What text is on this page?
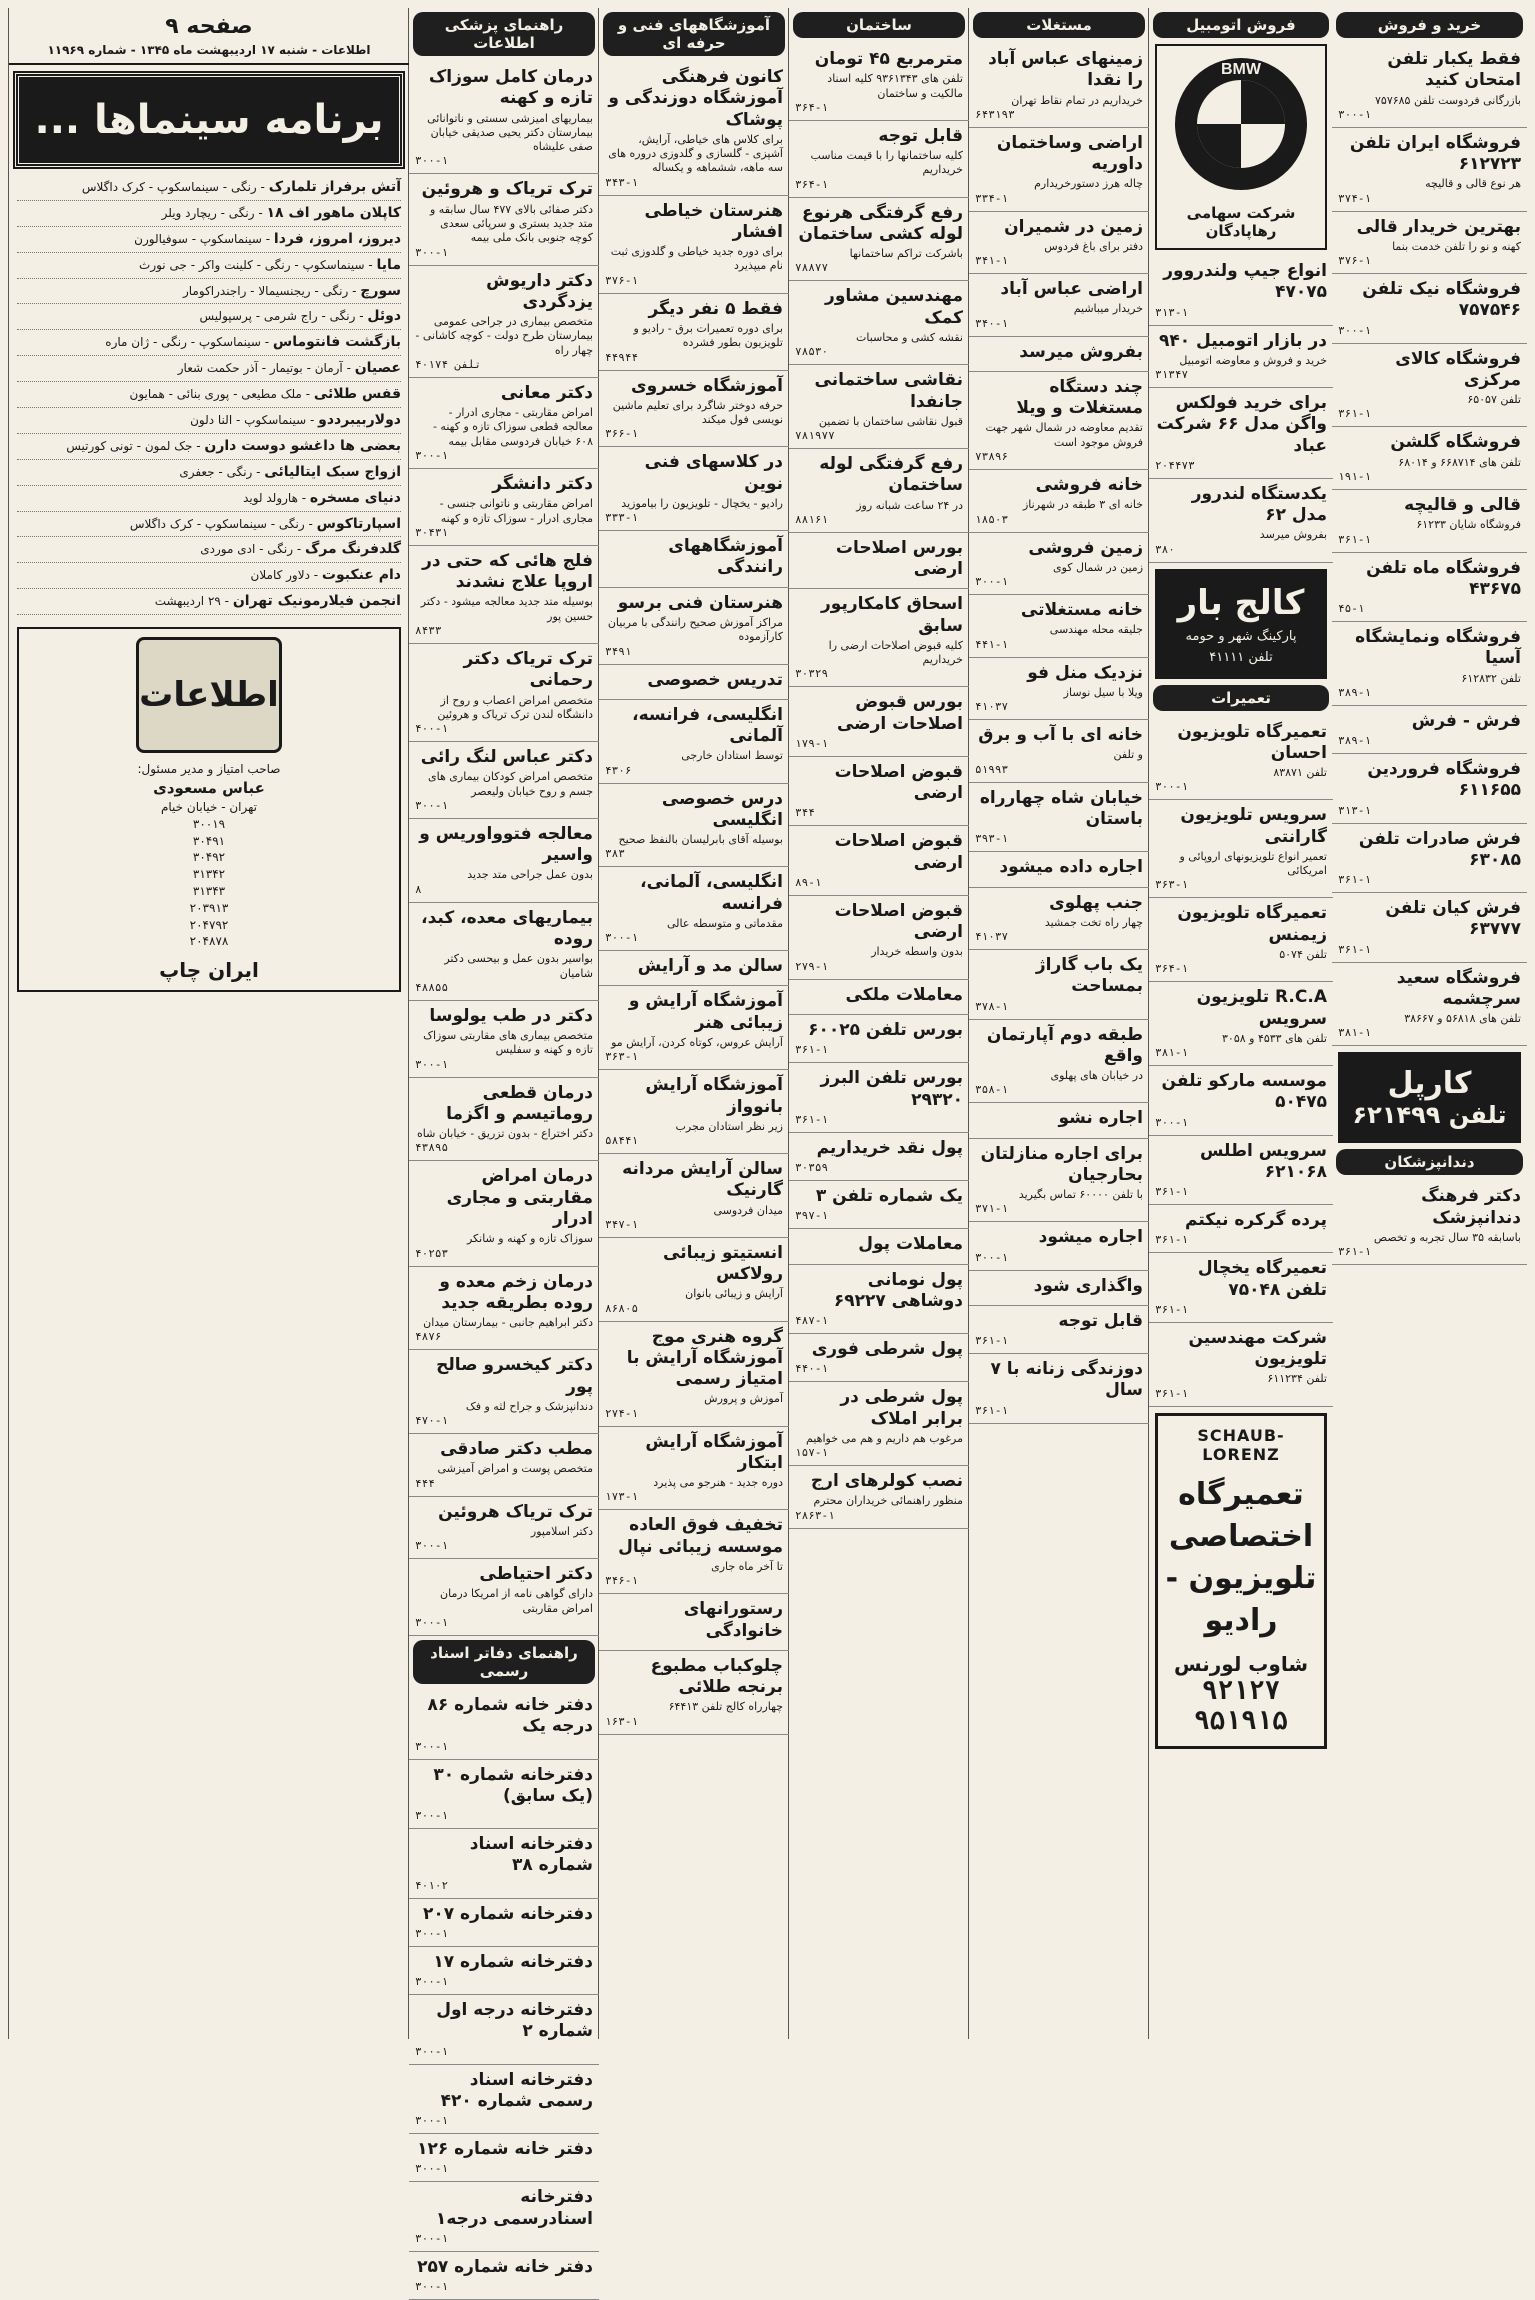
خرید و فروش
فقط یکبار تلفن امتحان کنید

بازرگانی فردوست تلفن ۷۵۷۶۸۵

۳۰۰-۱
فروشگاه ایران تلفن ۶۱۲۷۲۳

هر نوع قالی و قالیچه

۳۷۴-۱
بهترین خریدار قالی

کهنه و نو را تلفن خدمت بنما

۳۷۶-۱
فروشگاه نیک تلفن ۷۵۷۵۴۶
۳۰۰-۱
فروشگاه کالای مرکزی

تلفن ۶۵۰۵۷

۳۶۱-۱
فروشگاه گلشن

تلفن های ۶۶۸۷۱۴ و ۶۸۰۱۴

۱۹۱-۱
قالی و قالیچه

فروشگاه شایان ۶۱۲۳۳

۳۶۱-۱
فروشگاه ماه تلفن ۴۳۶۷۵
۴۵-۱
فروشگاه ونمایشگاه آسیا

تلفن ۶۱۲۸۳۲

۳۸۹-۱
فرش - فرش
۳۸۹-۱
فروشگاه فروردین ۶۱۱۶۵۵
۳۱۳-۱
فرش صادرات تلفن ۶۳۰۸۵
۳۶۱-۱
فرش کیان تلفن ۶۳۷۷۷
۳۶۱-۱
فروشگاه سعید سرچشمه

تلفن های ۵۶۸۱۸ و ۳۸۶۶۷

۳۸۱-۱
کارپل
تلفن ۶۲۱۴۹۹
دندانپزشکان
دکتر فرهنگ دندانپزشک

باسابقه ۳۵ سال تجربه و تخصص

۳۶۱-۱
فروش اتومبیل
BMW
شرکت سهامی رهاپادگان
انواع جیپ ولندروور ۴۷۰۷۵
۳۱۳-۱
در بازار اتومبیل ۹۴۰

خرید و فروش و معاوضه اتومبیل

۳۱۳۴۷
برای خرید فولکس واگن مدل ۶۶ شرکت عباد
۲۰۴۴۷۳
یکدستگاه لندرور مدل ۶۲

بفروش میرسد

۳۸۰
کالج بار
پارکینگ شهر و حومه
تلفن ۴۱۱۱۱
تعمیرات
تعمیرگاه تلویزیون احسان

تلفن ۸۳۸۷۱

۳۰۰-۱
سرویس تلویزیون گارانتی

تعمیر انواع تلویزیونهای اروپائی و امریکائی

۳۶۳-۱
تعمیرگاه تلویزیون زیمنس

تلفن ۵۰۷۴

۳۶۴-۱
R.C.A تلویزیون سرویس

تلفن های ۴۵۳۳ و ۳۰۵۸

۳۸۱-۱
موسسه مارکو تلفن ۵۰۴۷۵
۳۰۰-۱
سرویس اطلس ۶۲۱۰۶۸
۳۶۱-۱
پرده گرکره نیکتم
۳۶۱-۱
تعمیرگاه یخچال تلفن ۷۵۰۴۸
۳۶۱-۱
شرکت مهندسین تلویزیون

تلفن ۶۱۱۲۳۴

۳۶۱-۱
SCHAUB-LORENZ
تعمیرگاه اختصاصی تلویزیون - رادیو
شاوب لورنس
۹۲۱۲۷ ۹۵۱۹۱۵
مستغلات
زمینهای عباس آباد را نقدا

خریداریم در تمام نقاط تهران

۶۴۳۱۹۳
اراضی وساختمان داوریه

چاله هرز دستورخریدارم

۳۳۴-۱
زمین در شمیران

دفتر برای باغ فردوس

۳۴۱-۱
اراضی عباس آباد

خریدار میباشیم

۳۴۰-۱
بفروش میرسد
چند دستگاه مستغلات و ویلا

تقدیم معاوضه در شمال شهر جهت فروش موجود است

۷۳۸۹۶
خانه فروشی

خانه ای ۳ طبقه در شهرناز

۱۸۵۰۳
زمین فروشی

زمین در شمال کوی

۳۰۰-۱
خانه مستغلاتی

جلیقه محله مهندسی

۴۴۱-۱
نزدیک منل فو

ویلا با سیل نوساز

۴۱۰۳۷
خانه ای با آب و برق

و تلفن

۵۱۹۹۳
خیابان شاه چهارراه باستان
۳۹۳-۱
اجاره داده میشود
جنب پهلوی

چهار راه تخت جمشید

۴۱۰۳۷
یک باب گاراژ بمساحت
۳۷۸-۱
طبقه دوم آپارتمان واقع

در خیابان های پهلوی

۳۵۸-۱
اجاره نشو
برای اجاره منازلتان بحارجیان

با تلفن ۶۰۰۰۰ تماس بگیرید

۳۷۱-۱
اجاره میشود
۳۰۰-۱
واگذاری شود
قابل توجه
۳۶۱-۱
دوزندگی زنانه با ۷ سال
۳۶۱-۱
ساختمان
مترمربع ۴۵ تومان

تلفن های ۹۳۶۱۳۴۳ کلیه اسناد مالکیت و ساختمان

۳۶۴-۱
قابل توجه

کلیه ساختمانها را با قیمت مناسب خریداریم

۳۶۴-۱
رفع گرفتگی هرنوع لوله کشی ساختمان

باشرکت تراکم ساختمانها

۷۸۸۷۷
مهندسین مشاور کمک

نقشه کشی و محاسبات

۷۸۵۳۰
نقاشی ساختمانی جانفدا

قبول نقاشی ساختمان با تضمین

۷۸۱۹۷۷
رفع گرفتگی لوله ساختمان

در ۲۴ ساعت شبانه روز

۸۸۱۶۱
بورس اصلاحات ارضی
اسحاق کامکارپور سابق

کلیه قبوض اصلاحات ارضی را خریداریم

۳۰۳۲۹
بورس قبوض اصلاحات ارضی
۱۷۹-۱
قبوض اصلاحات ارضی
۳۴۴
قبوض اصلاحات ارضی
۸۹-۱
قبوض اصلاحات ارضی

بدون واسطه خریدار

۲۷۹-۱
معاملات ملکی
بورس تلفن ۶۰۰۲۵
۳۶۱-۱
بورس تلفن البرز ۲۹۳۲۰
۳۶۱-۱
پول نقد خریداریم
۳۰۳۵۹
یک شماره تلفن ۳
۳۹۷-۱
معاملات پول
پول نومانی دوشاهی ۶۹۲۲۷
۴۸۷-۱
پول شرطی فوری
۴۴۰-۱
پول شرطی در برابر املاک

مرغوب هم داریم و هم می خواهیم

۱۵۷-۱
نصب کولرهای ارج

منظور راهنمائی خریداران محترم

۲۸۶۳-۱
آموزشگاههای فنی و حرفه ای
کانون فرهنگی آموزشگاه دوزندگی و پوشاک

برای کلاس های خیاطی، آرایش، آشپزی - گلسازی و گلدوزی دروره های سه ماهه، ششماهه و یکساله

۳۴۳-۱
هنرستان خیاطی افشار

برای دوره جدید خیاطی و گلدوزی ثبت نام میپذیرد

۳۷۶-۱
فقط ۵ نفر دیگر

برای دوره تعمیرات برق - رادیو و تلویزیون بطور فشرده

۴۴۹۴۴
آموزشگاه خسروی

حرفه دوختر شاگرد برای تعلیم ماشین نویسی فول میکند

۳۶۶-۱
در کلاسهای فنی نوین

رادیو - یخچال - تلویزیون را بیاموزید

۳۳۳-۱
آموزشگاههای رانندگی
هنرستان فنی برسو

مراکز آموزش صحیح رانندگی با مربیان کارآزموده

۳۴۹۱
تدریس خصوصی
انگلیسی، فرانسه، آلمانی

توسط استادان خارجی

۴۳۰۶
درس خصوصی انگلیسی

بوسیله آقای بابرلیسان بالنفظ صحیح

۳۸۳
انگلیسی، آلمانی، فرانسه

مقدماتی و متوسطه عالی

۳۰۰-۱
سالن مد و آرایش
آموزشگاه آرایش و زیبائی هنر

آرایش عروس، کوتاه کردن، آرایش مو

۳۶۳-۱
آموزشگاه آرایش بانوواز

زیر نظر استادان مجرب

۵۸۴۴۱
سالن آرایش مردانه گارنیک

میدان فردوسی

۳۴۷-۱
انستیتو زیبائی رولاکس

آرایش و زیبائی بانوان

۸۶۸۰۵
گروه هنری موج آموزشگاه آرایش با امتیاز رسمی

آموزش و پرورش

۲۷۴-۱
آموزشگاه آرایش ابتکار

دوره جدید - هنرجو می پذیرد

۱۷۳-۱
تخفیف فوق العاده موسسه زیبائی نپال

تا آخر ماه جاری

۳۴۶-۱
رستورانهای خانوادگی
چلوکباب مطبوع برنجه طلائی

چهارراه کالج تلفن ۶۴۴۱۳

۱۶۳-۱
راهنمای پزشکی اطلاعات
درمان کامل سوزاک تازه و کهنه

بیماریهای امیزشی سستی و ناتوانائی بیمارستان دکتر یحیی صدیقی خیابان صفی علیشاه

۳۰۰-۱
ترک تریاک و هروئین

دکتر صفائی بالای ۴۷۷ سال سابقه و متد جدید بستری و سرپائی سعدی کوچه جنوبی بانک ملی بیمه

۳۰۰-۱
دکتر داریوش یزدگردی

متخصص بیماری در جراحی عمومی بیمارستان طرح دولت - کوچه کاشانی - چهار راه

تلفن ۴۰۱۷۴
دکتر معانی

امراض مقاربتی - مجاری ادرار - معالجه قطعی سوزاک تازه و کهنه - ۶۰۸ خیابان فردوسی مقابل بیمه

۳۰۰-۱
دکتر دانشگر

امراض مقاربتی و ناتوانی جنسی - مجاری ادرار - سوزاک تازه و کهنه

۳۰۴۳۱
فلج هائی که حتی در اروپا علاج نشدند

بوسیله متد جدید معالجه میشود - دکتر حسین پور

۸۴۳۳
ترک تریاک دکتر رحمانی

متخصص امراض اعصاب و روح از دانشگاه لندن ترک تریاک و هروئین

۴۰۰-۱
دکتر عباس لنگ رائی

متخصص امراض کودکان بیماری های جسم و روح خیابان ولیعصر

۳۰۰-۱
معالجه فتوواوریس و واسیر

بدون عمل جراحی متد جدید

۸
بیماریهای معده، کبد، روده

بواسیر بدون عمل و بیحسی دکتر شامیان

۴۸۸۵۵
دکتر در طب یولوسا

متخصص بیماری های مقاربتی سوزاک تازه و کهنه و سفلیس

۳۰۰-۱
درمان قطعی روماتیسم و اگزما

دکتر اختراع - بدون تزریق - خیابان شاه

۴۳۸۹۵
درمان امراض مقاربتی و مجاری ادرار

سوزاک تازه و کهنه و شانکر

۴۰۲۵۳
درمان زخم معده و روده بطریقه جدید

دکتر ابراهیم جانبی - بیمارستان میدان

۴۸۷۶
دکتر کیخسرو صالح پور

دندانپزشک و جراح لثه و فک

۴۷۰-۱
مطب دکتر صادقی

متخصص پوست و امراض آمیزشی

۴۴۴
ترک تریاک هروئین

دکتر اسلامپور

۳۰۰-۱
دکتر احتیاطی

دارای گواهی نامه از امریکا درمان امراض مقاربتی

۳۰۰-۱
راهنمای دفاتر اسناد رسمی
دفتر خانه شماره ۸۶ درجه یک
۳۰۰-۱
دفترخانه شماره ۳۰ (یک سابق)
۳۰۰-۱
دفترخانه اسناد شماره ۳۸
۴۰۱۰۲
دفترخانه شماره ۲۰۷
۳۰۰-۱
دفترخانه شماره ۱۷
۳۰۰-۱
دفترخانه درجه اول شماره ۲
۳۰۰-۱
دفترخانه اسناد رسمی شماره ۴۲۰
۳۰۰-۱
دفتر خانه شماره ۱۲۶
۳۰۰-۱
دفترخانه اسنادرسمی درجه۱
۳۰۰-۱
دفتر خانه شماره ۲۵۷
۳۰۰-۱
صفحه ۹
اطلاعات - شنبه ۱۷ اردیبهشت ماه ۱۳۴۵ - شماره ۱۱۹۶۹
برنامه سینماها ...
آتش برفراز تلمارک - رنگی - سینماسکوپ - کرک داگلاس
کاپلان ماهور اف ۱۸ - رنگی - ریچارد ویلر
دیروز، امروز، فردا - سینماسکوپ - سوفیالورن
مایا - سینماسکوپ - رنگی - کلینت واکر - جی نورث
سورچ - رنگی - ریجنسیمالا - راجندراکومار
دوئل - رنگی - راج شرمی - پرسپولیس
بازگشت فانتوماس - سینماسکوپ - رنگی - ژان ماره
عصیان - آرمان - بوتیمار - آذر حکمت شعار
قفس طلائی - ملک مطیعی - پوری بنائی - همایون
دولاربیبرددو - سینماسکوپ - النا دلون
بعضی ها داغشو دوست دارن - جک لمون - تونی کورتیس
ازواج سبک ایتالیائی - رنگی - جعفری
دنیای مسخره - هارولد لوید
اسپارتاکوس - رنگی - سینماسکوپ - کرک داگلاس
گلدفرنگ مرگ - رنگی - ادی موردی
دام عنکبوت - دلاور کاملان
انجمن فیلارمونیک تهران - ۲۹ اردیبهشت
اطلاعات
صاحب امتیاز و مدیر مسئول:
عباس مسعودی
تهران - خیابان خیام
۳۰۰۱۹
۳۰۴۹۱
۳۰۴۹۲
۳۱۳۴۲
۳۱۳۴۳
۲۰۳۹۱۳
۲۰۴۷۹۲
۲۰۴۸۷۸
ایران چاپ
